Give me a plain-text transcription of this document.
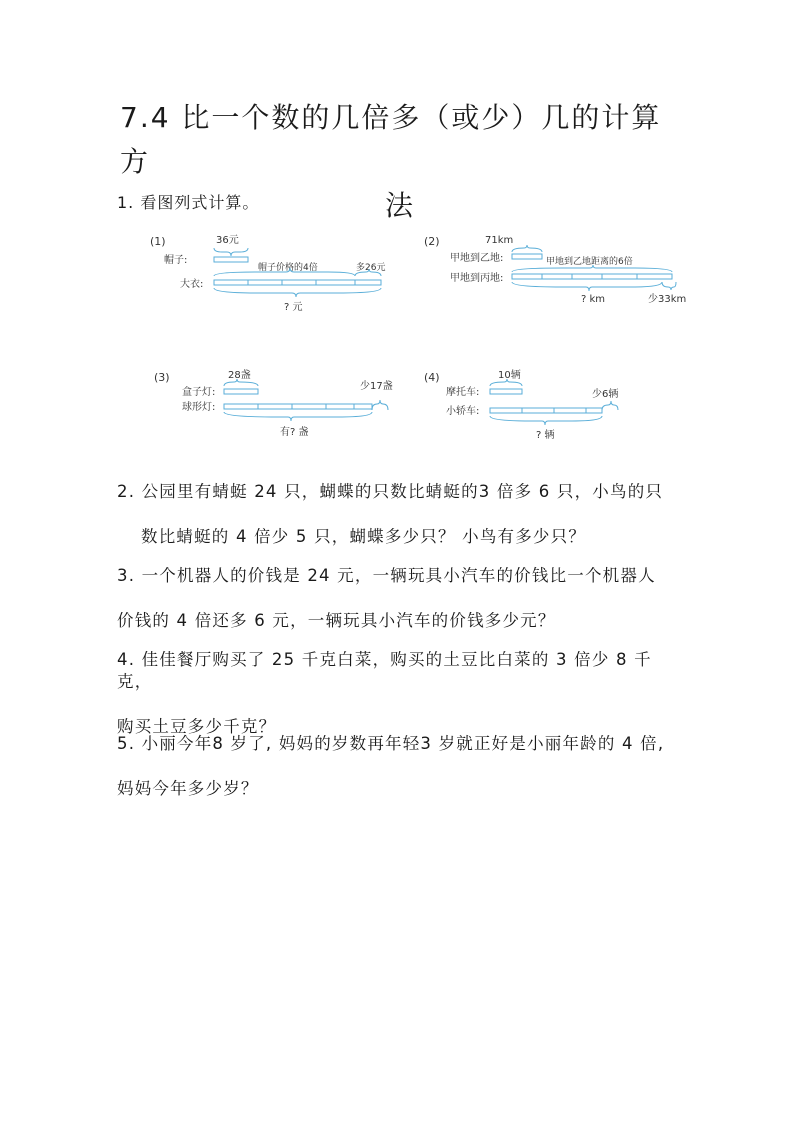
7.4 比一个数的几倍多（或少）几的计算方
法
1. 看图列式计算。
(1)	36元
帽子:
帽子价格的4倍	多26元
大衣:
? 元
(2)	71km
甲地到乙地:	甲地到乙地距离的6倍
甲地到丙地:
? km	少33km
(3)	28盏
盒子灯:
少17盏
球形灯:
有? 盏
(4)	10辆
摩托车:	少6辆
小轿车:
? 辆
2. 公园里有蜻蜓 24 只，蝴蝶的只数比蜻蜓的3 倍多 6 只，小鸟的只
数比蜻蜓的 4 倍少 5 只，蝴蝶多少只？ 小鸟有多少只？
3. 一个机器人的价钱是 24 元，一辆玩具小汽车的价钱比一个机器人
价钱的 4 倍还多 6 元，一辆玩具小汽车的价钱多少元？
4. 佳佳餐厅购买了 25 千克白菜，购买的土豆比白菜的 3 倍少 8 千克，
购买土豆多少千克？
5. 小丽今年8 岁了, 妈妈的岁数再年轻3 岁就正好是小丽年龄的 4 倍,
妈妈今年多少岁？
